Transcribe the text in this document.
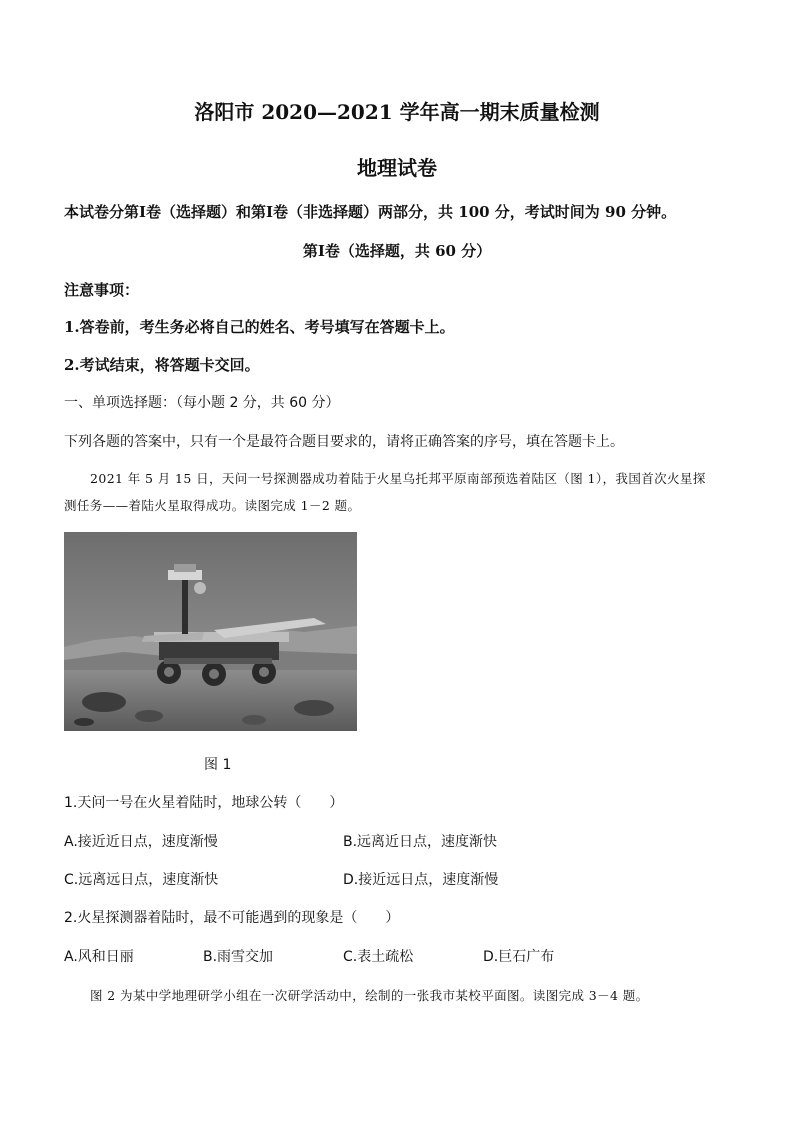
洛阳市 2020—2021 学年高一期末质量检测
地理试卷
本试卷分第Ⅰ卷（选择题）和第Ⅰ卷（非选择题）两部分，共 100 分，考试时间为 90 分钟。
第Ⅰ卷（选择题，共 60 分）
注意事项：
1.答卷前，考生务必将自己的姓名、考号填写在答题卡上。
2.考试结束，将答题卡交回。
一、单项选择题：（每小题 2 分，共 60 分）
下列各题的答案中，只有一个是最符合题目要求的，请将正确答案的序号，填在答题卡上。
2021 年 5 月 15 日，天问一号探测器成功着陆于火星乌托邦平原南部预选着陆区（图 1），我国首次火星探
测任务——着陆火星取得成功。读图完成 1－2 题。
图 1
1.天问一号在火星着陆时，地球公转（　　）
A.接近近日点，速度渐慢	B.远离近日点，速度渐快
C.远离远日点，速度渐快	D.接近远日点，速度渐慢
2.火星探测器着陆时，最不可能遇到的现象是（　　）
A.风和日丽	B.雨雪交加	C.表土疏松	D.巨石广布
图 2 为某中学地理研学小组在一次研学活动中，绘制的一张我市某校平面图。读图完成 3－4 题。
